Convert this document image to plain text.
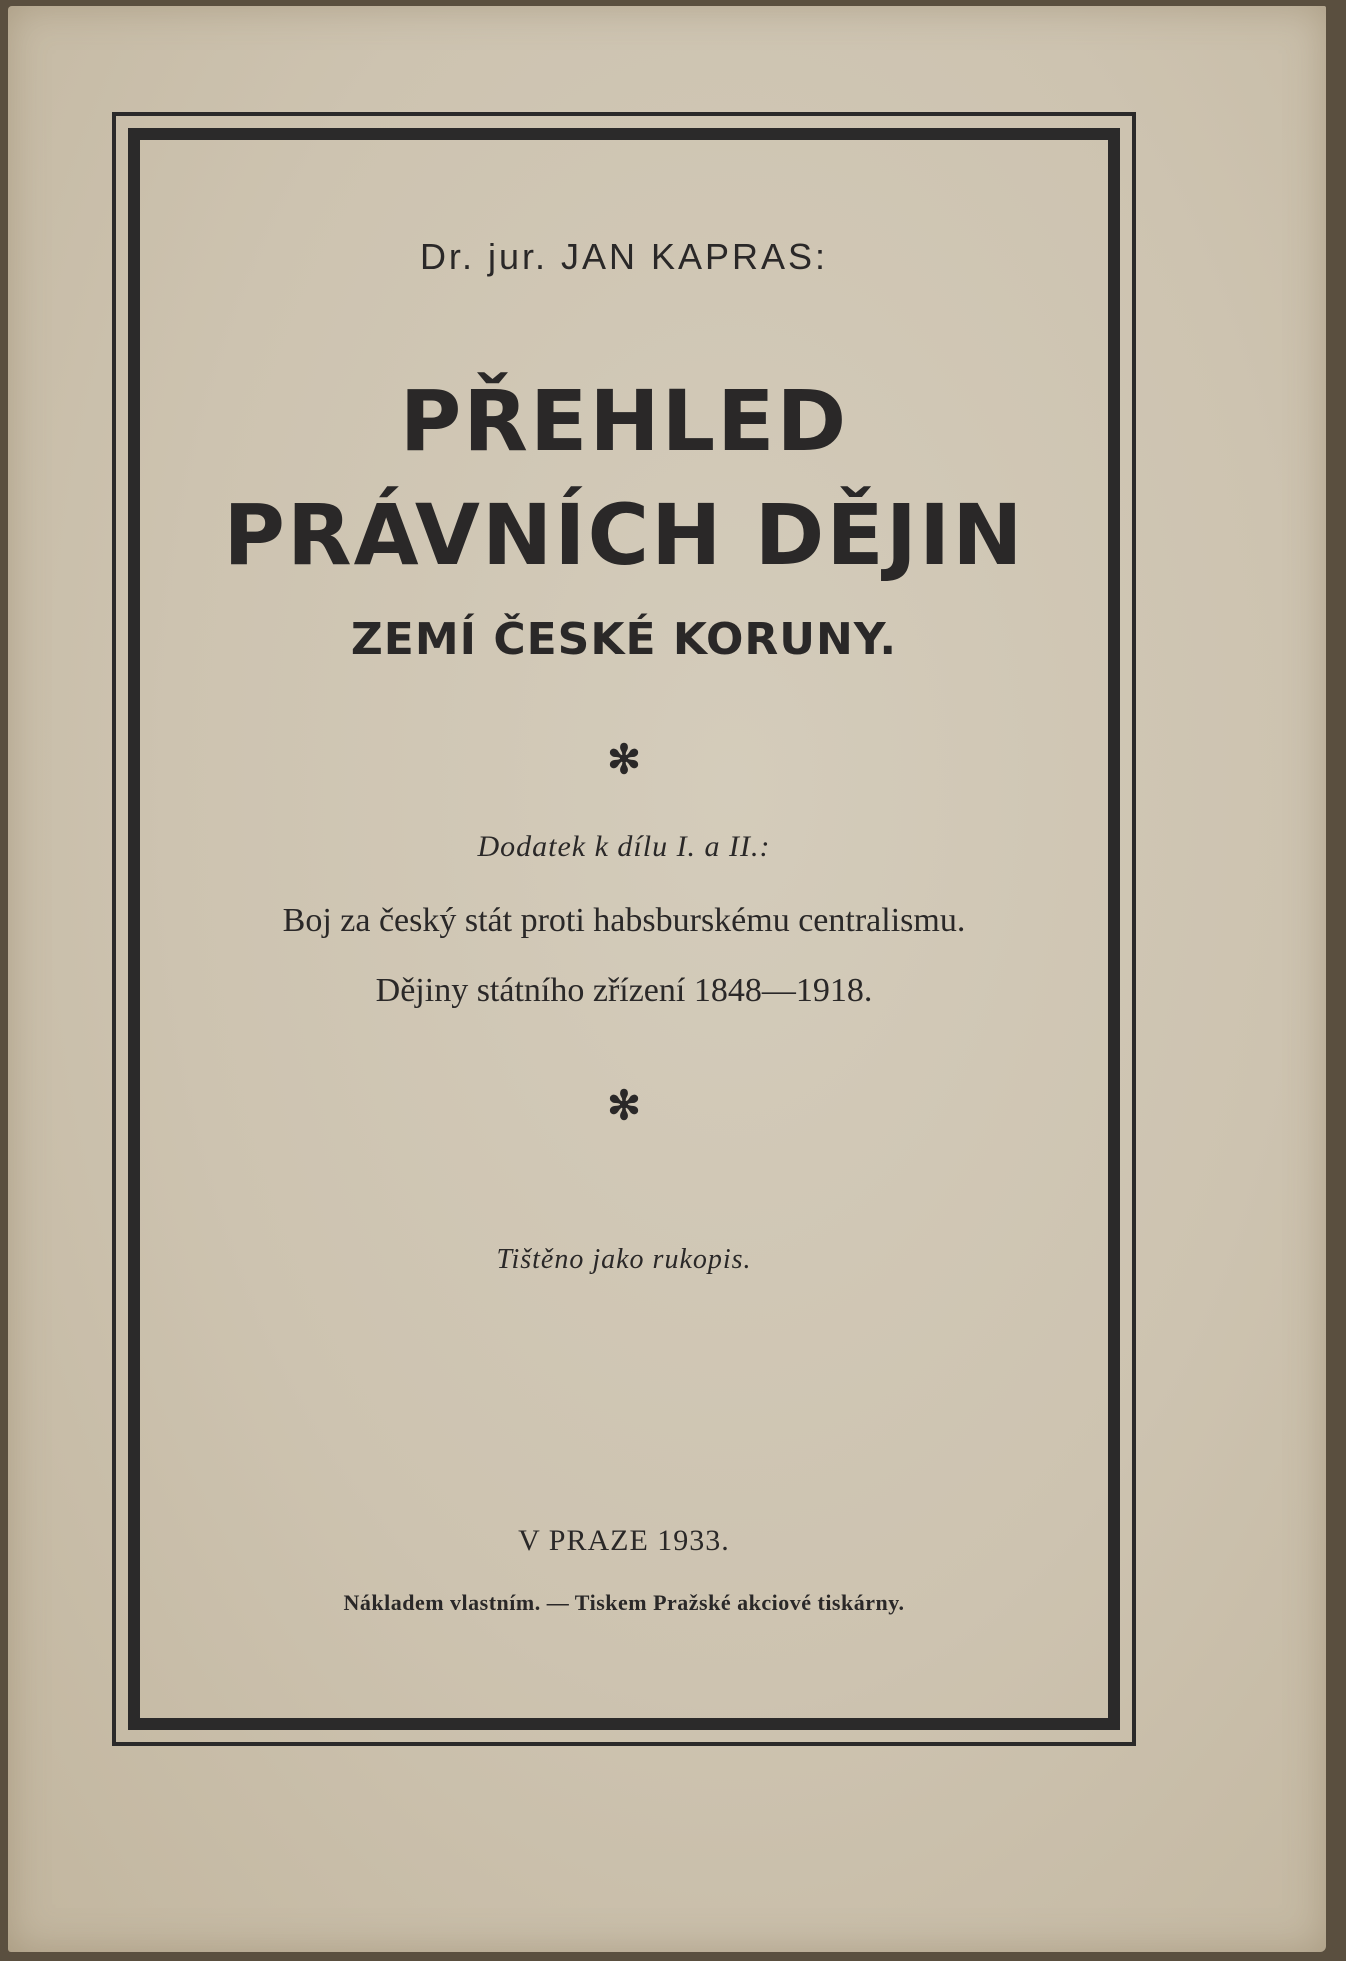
Dr. jur. JAN KAPRAS:
PŘEHLED
PRÁVNÍCH DĚJIN
ZEMÍ ČESKÉ KORUNY.
✻
Dodatek k dílu I. a II.:
Boj za český stát proti habsburskému centralismu.
Dějiny státního zřízení 1848—1918.
✻
Tištěno jako rukopis.
V PRAZE 1933.
Nákladem vlastním. — Tiskem Pražské akciové tiskárny.
